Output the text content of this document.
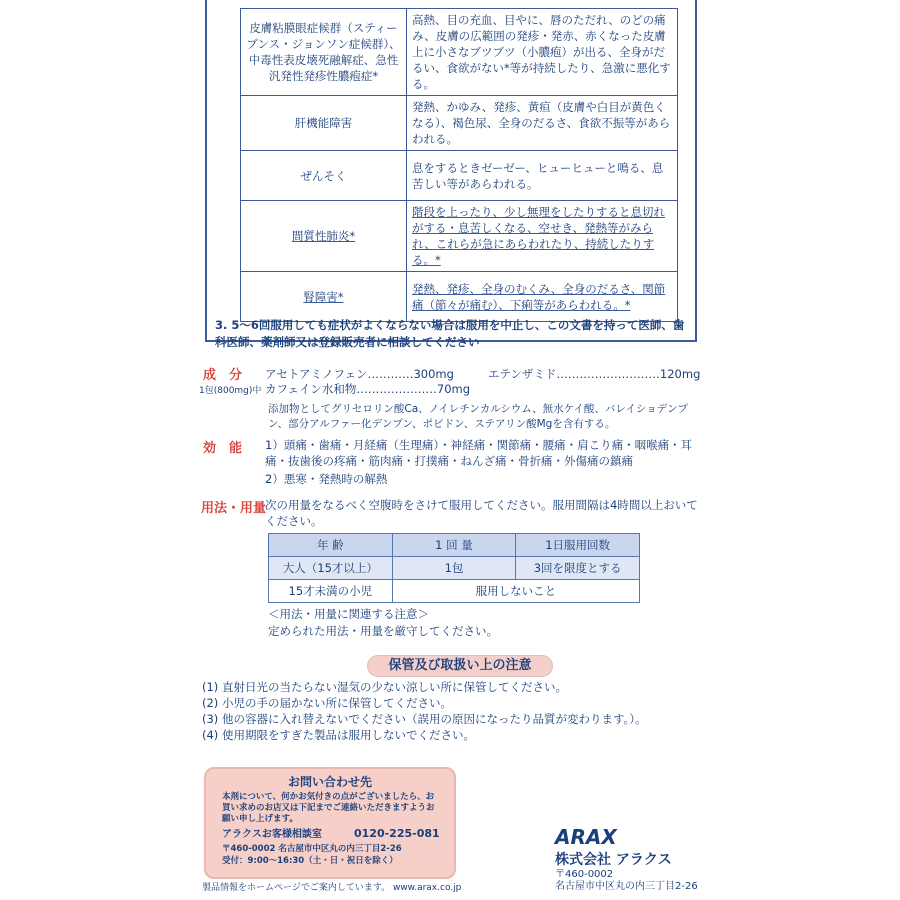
皮膚粘膜眼症候群（スティーブンス・ジョンソン症候群）、中毒性表皮壊死融解症、急性汎発性発疹性膿疱症*	高熱、目の充血、目やに、唇のただれ、のどの痛み、皮膚の広範囲の発疹・発赤、赤くなった皮膚上に小さなブツブツ（小膿疱）が出る、全身がだるい、食欲がない*等が持続したり、急激に悪化する。
肝機能障害	発熱、かゆみ、発疹、黄疸（皮膚や白目が黄色くなる）、褐色尿、全身のだるさ、食欲不振等があらわれる。
ぜんそく	息をするときゼーゼー、ヒューヒューと鳴る、息苦しい等があらわれる。
間質性肺炎*	階段を上ったり、少し無理をしたりすると息切れがする・息苦しくなる、空せき、発熱等がみられ、これらが急にあらわれたり、持続したりする。*
腎障害*	発熱、発疹、全身のむくみ、全身のだるさ、関節痛（節々が痛む）、下痢等があらわれる。*
3. 5～6回服用しても症状がよくならない場合は服用を中止し、この文書を持って医師、歯科医師、薬剤師又は登録販売者に相談してください
成　分
1包(800mg)中
アセトアミノフェン…………300mg	エテンザミド………………………120mg
カフェイン水和物…………………70mg
添加物としてグリセロリン酸Ca、ノイレチンカルシウム、無水ケイ酸、バレイショデンプン、部分アルファー化デンプン、ポビドン、ステアリン酸Mgを含有する。
効　能 1）頭痛・歯痛・月経痛（生理痛）・神経痛・関節痛・腰痛・肩こり痛・咽喉痛・耳痛・抜歯後の疼痛・筋肉痛・打撲痛・ねんざ痛・骨折痛・外傷痛の鎮痛
2）悪寒・発熱時の解熱
用法・用量
次の用量をなるべく空腹時をさけて服用してください。服用間隔は4時間以上おいてください。
年 齢	1 回 量	1日服用回数
大人（15才以上）	1包	3回を限度とする
15才未満の小児	服用しないこと	
＜用法・用量に関連する注意＞
定められた用法・用量を厳守してください。
保管及び取扱い上の注意
(1) 直射日光の当たらない湿気の少ない涼しい所に保管してください。
(2) 小児の手の届かない所に保管してください。
(3) 他の容器に入れ替えないでください（誤用の原因になったり品質が変わります。）。
(4) 使用期限をすぎた製品は服用しないでください。
お問い合わせ先
本剤について、何かお気付きの点がございましたら、お買い求めのお店又は下記までご連絡いただきますようお願い申し上げます。
アラクスお客様相談室	0120-225-081
〒460-0002 名古屋市中区丸の内三丁目2-26
受付：9:00～16:30（土・日・祝日を除く）
製品情報をホームページでご案内しています。 www.arax.co.jp
ARAX
株式会社 アラクス
〒460-0002
名古屋市中区丸の内三丁目2-26
